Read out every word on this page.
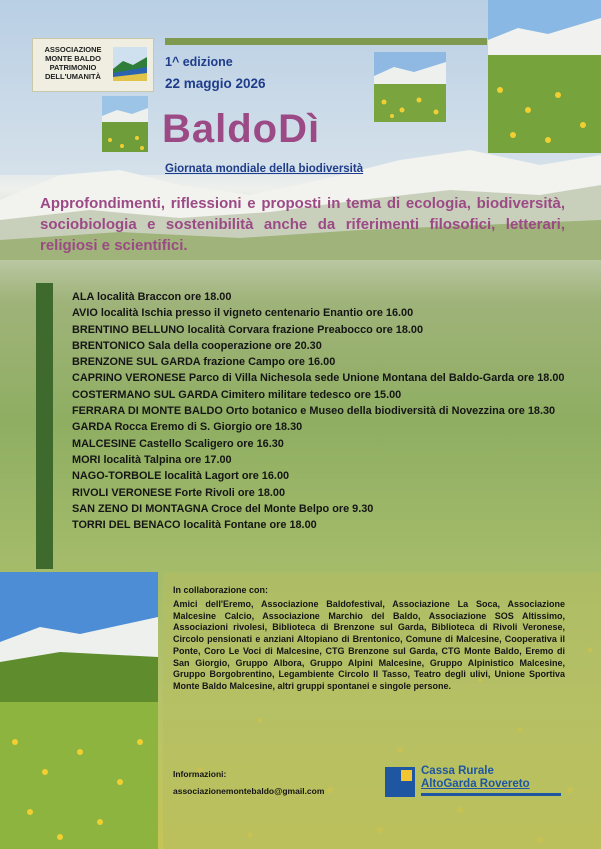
ASSOCIAZIONE MONTE BALDO PATRIMONIO DELL'UMANITÀ
1^ edizione
22 maggio 2026
BaldoDì
Giornata mondiale della biodiversità
Approfondimenti, riflessioni e proposti in tema di ecologia, biodiversità, sociobiologia e sostenibilità anche da riferimenti filosofici, letterari, religiosi e scientifici.
ALA località Braccon ore 18.00
AVIO località Ischia presso il vigneto centenario Enantio ore 16.00
BRENTINO BELLUNO località Corvara frazione Preabocco ore 18.00
BRENTONICO Sala della cooperazione ore 20.30
BRENZONE SUL GARDA frazione Campo ore 16.00
CAPRINO VERONESE Parco di Villa Nichesola sede Unione Montana del Baldo-Garda ore 18.00
COSTERMANO SUL GARDA Cimitero militare tedesco ore 15.00
FERRARA DI MONTE BALDO Orto botanico e Museo della biodiversità di Novezzina ore 18.30
GARDA Rocca Eremo di S. Giorgio ore 18.30
MALCESINE Castello Scaligero ore 16.30
MORI località Talpina ore 17.00
NAGO-TORBOLE località Lagort ore 16.00
RIVOLI VERONESE Forte Rivoli ore 18.00
SAN ZENO DI MONTAGNA Croce del Monte Belpo ore 9.30
TORRI DEL BENACO località Fontane ore 18.00
In collaborazione con:
Amici dell'Eremo, Associazione Baldofestival, Associazione La Soca, Associazione Malcesine Calcio, Associazione Marchio del Baldo, Associazione SOS Altissimo, Associazioni rivolesi, Biblioteca di Brenzone sul Garda, Biblioteca di Rivoli Veronese, Circolo pensionati e anziani Altopiano di Brentonico, Comune di Malcesine, Cooperativa il Ponte, Coro Le Voci di Malcesine, CTG Brenzone sul Garda, CTG Monte Baldo, Eremo di San Giorgio, Gruppo Albora, Gruppo Alpini Malcesine, Gruppo Alpinistico Malcesine, Gruppo Borgobrentino, Legambiente Circolo Il Tasso, Teatro degli ulivi, Unione Sportiva Monte Baldo Malcesine, altri gruppi spontanei e singole persone.
Informazioni:
associazionemontebaldo@gmail.com
Cassa Rurale
AltoGarda Rovereto
